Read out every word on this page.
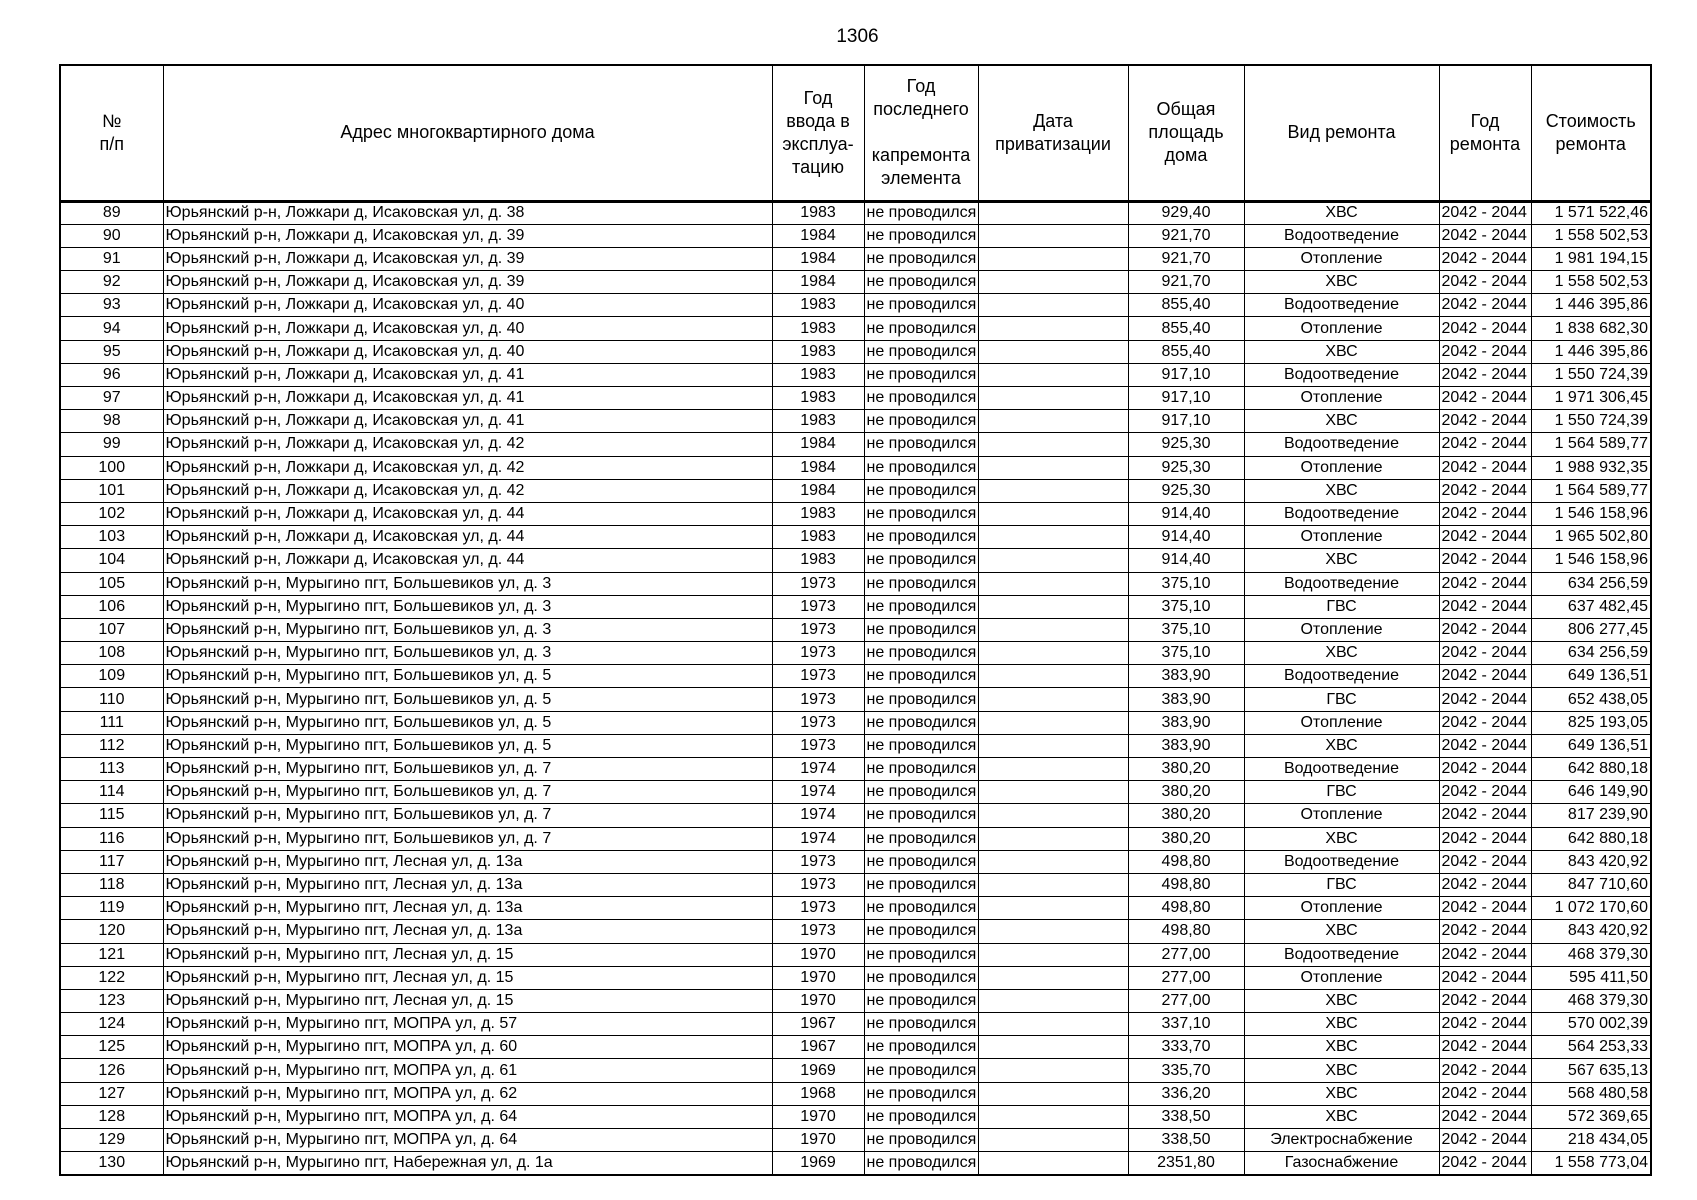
1306
№
п/п	Адрес многоквартирного дома	Год
ввода в
эксплуа-
тацию	Год
последнего

капремонта
элемента	Дата
приватизации	Общая
площадь
дома	Вид ремонта	Год
ремонта	Стоимость
ремонта
89	Юрьянский р-н, Ложкари д, Исаковская ул, д. 38	1983	не проводился		929,40	ХВС	2042 - 2044	1 571 522,46
90	Юрьянский р-н, Ложкари д, Исаковская ул, д. 39	1984	не проводился		921,70	Водоотведение	2042 - 2044	1 558 502,53
91	Юрьянский р-н, Ложкари д, Исаковская ул, д. 39	1984	не проводился		921,70	Отопление	2042 - 2044	1 981 194,15
92	Юрьянский р-н, Ложкари д, Исаковская ул, д. 39	1984	не проводился		921,70	ХВС	2042 - 2044	1 558 502,53
93	Юрьянский р-н, Ложкари д, Исаковская ул, д. 40	1983	не проводился		855,40	Водоотведение	2042 - 2044	1 446 395,86
94	Юрьянский р-н, Ложкари д, Исаковская ул, д. 40	1983	не проводился		855,40	Отопление	2042 - 2044	1 838 682,30
95	Юрьянский р-н, Ложкари д, Исаковская ул, д. 40	1983	не проводился		855,40	ХВС	2042 - 2044	1 446 395,86
96	Юрьянский р-н, Ложкари д, Исаковская ул, д. 41	1983	не проводился		917,10	Водоотведение	2042 - 2044	1 550 724,39
97	Юрьянский р-н, Ложкари д, Исаковская ул, д. 41	1983	не проводился		917,10	Отопление	2042 - 2044	1 971 306,45
98	Юрьянский р-н, Ложкари д, Исаковская ул, д. 41	1983	не проводился		917,10	ХВС	2042 - 2044	1 550 724,39
99	Юрьянский р-н, Ложкари д, Исаковская ул, д. 42	1984	не проводился		925,30	Водоотведение	2042 - 2044	1 564 589,77
100	Юрьянский р-н, Ложкари д, Исаковская ул, д. 42	1984	не проводился		925,30	Отопление	2042 - 2044	1 988 932,35
101	Юрьянский р-н, Ложкари д, Исаковская ул, д. 42	1984	не проводился		925,30	ХВС	2042 - 2044	1 564 589,77
102	Юрьянский р-н, Ложкари д, Исаковская ул, д. 44	1983	не проводился		914,40	Водоотведение	2042 - 2044	1 546 158,96
103	Юрьянский р-н, Ложкари д, Исаковская ул, д. 44	1983	не проводился		914,40	Отопление	2042 - 2044	1 965 502,80
104	Юрьянский р-н, Ложкари д, Исаковская ул, д. 44	1983	не проводился		914,40	ХВС	2042 - 2044	1 546 158,96
105	Юрьянский р-н, Мурыгино пгт, Большевиков ул, д. 3	1973	не проводился		375,10	Водоотведение	2042 - 2044	634 256,59
106	Юрьянский р-н, Мурыгино пгт, Большевиков ул, д. 3	1973	не проводился		375,10	ГВС	2042 - 2044	637 482,45
107	Юрьянский р-н, Мурыгино пгт, Большевиков ул, д. 3	1973	не проводился		375,10	Отопление	2042 - 2044	806 277,45
108	Юрьянский р-н, Мурыгино пгт, Большевиков ул, д. 3	1973	не проводился		375,10	ХВС	2042 - 2044	634 256,59
109	Юрьянский р-н, Мурыгино пгт, Большевиков ул, д. 5	1973	не проводился		383,90	Водоотведение	2042 - 2044	649 136,51
110	Юрьянский р-н, Мурыгино пгт, Большевиков ул, д. 5	1973	не проводился		383,90	ГВС	2042 - 2044	652 438,05
111	Юрьянский р-н, Мурыгино пгт, Большевиков ул, д. 5	1973	не проводился		383,90	Отопление	2042 - 2044	825 193,05
112	Юрьянский р-н, Мурыгино пгт, Большевиков ул, д. 5	1973	не проводился		383,90	ХВС	2042 - 2044	649 136,51
113	Юрьянский р-н, Мурыгино пгт, Большевиков ул, д. 7	1974	не проводился		380,20	Водоотведение	2042 - 2044	642 880,18
114	Юрьянский р-н, Мурыгино пгт, Большевиков ул, д. 7	1974	не проводился		380,20	ГВС	2042 - 2044	646 149,90
115	Юрьянский р-н, Мурыгино пгт, Большевиков ул, д. 7	1974	не проводился		380,20	Отопление	2042 - 2044	817 239,90
116	Юрьянский р-н, Мурыгино пгт, Большевиков ул, д. 7	1974	не проводился		380,20	ХВС	2042 - 2044	642 880,18
117	Юрьянский р-н, Мурыгино пгт, Лесная ул, д. 13а	1973	не проводился		498,80	Водоотведение	2042 - 2044	843 420,92
118	Юрьянский р-н, Мурыгино пгт, Лесная ул, д. 13а	1973	не проводился		498,80	ГВС	2042 - 2044	847 710,60
119	Юрьянский р-н, Мурыгино пгт, Лесная ул, д. 13а	1973	не проводился		498,80	Отопление	2042 - 2044	1 072 170,60
120	Юрьянский р-н, Мурыгино пгт, Лесная ул, д. 13а	1973	не проводился		498,80	ХВС	2042 - 2044	843 420,92
121	Юрьянский р-н, Мурыгино пгт, Лесная ул, д. 15	1970	не проводился		277,00	Водоотведение	2042 - 2044	468 379,30
122	Юрьянский р-н, Мурыгино пгт, Лесная ул, д. 15	1970	не проводился		277,00	Отопление	2042 - 2044	595 411,50
123	Юрьянский р-н, Мурыгино пгт, Лесная ул, д. 15	1970	не проводился		277,00	ХВС	2042 - 2044	468 379,30
124	Юрьянский р-н, Мурыгино пгт, МОПРА ул, д. 57	1967	не проводился		337,10	ХВС	2042 - 2044	570 002,39
125	Юрьянский р-н, Мурыгино пгт, МОПРА ул, д. 60	1967	не проводился		333,70	ХВС	2042 - 2044	564 253,33
126	Юрьянский р-н, Мурыгино пгт, МОПРА ул, д. 61	1969	не проводился		335,70	ХВС	2042 - 2044	567 635,13
127	Юрьянский р-н, Мурыгино пгт, МОПРА ул, д. 62	1968	не проводился		336,20	ХВС	2042 - 2044	568 480,58
128	Юрьянский р-н, Мурыгино пгт, МОПРА ул, д. 64	1970	не проводился		338,50	ХВС	2042 - 2044	572 369,65
129	Юрьянский р-н, Мурыгино пгт, МОПРА ул, д. 64	1970	не проводился		338,50	Электроснабжение	2042 - 2044	218 434,05
130	Юрьянский р-н, Мурыгино пгт, Набережная ул, д. 1а	1969	не проводился		2351,80	Газоснабжение	2042 - 2044	1 558 773,04
